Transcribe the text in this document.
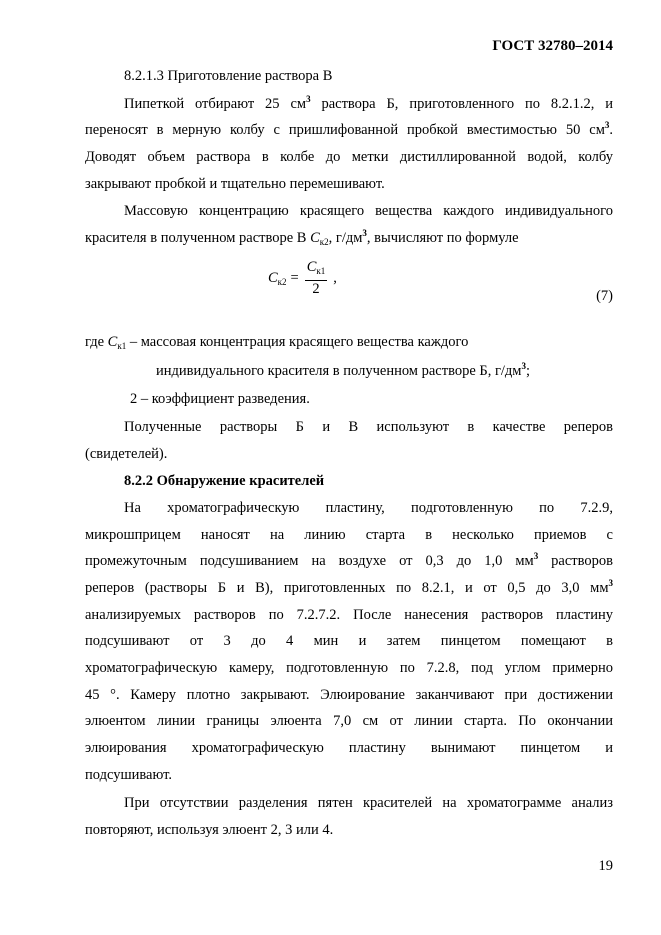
ГОСТ 32780–2014
8.2.1.3 Приготовление раствора В
Пипеткой отбирают 25 $см^3$ раствора Б, приготовленного по 8.2.1.2, и
переносят в мерную колбу с пришлифованной пробкой вместимостью 50 $см^3$.
Доводят объем раствора в колбе до метки дистиллированной водой, колбу
закрывают пробкой и тщательно перемешивают.
Массовую концентрацию красящего вещества каждого индивидуального
красителя в полученном растворе В $C_{к2}$, $г/дм^3$, вычисляют по формуле
$C_{к2} = \frac{C_{к1}}{2}$ ,
(7)
где $C_{к1}$ – массовая концентрация красящего вещества каждого
индивидуального красителя в полученном растворе Б, $г/дм^3$;
2 – коэффициент разведения.
Полученные растворы Б и В используют в качестве реперов
(свидетелей).
8.2.2 Обнаружение красителей
На хроматографическую пластину, подготовленную по 7.2.9,
микрошприцем наносят на линию старта в несколько приемов с
промежуточным подсушиванием на воздухе от 0,3 до 1,0 $мм^3$ растворов
реперов (растворы Б и В), приготовленных по 8.2.1, и от 0,5 до 3,0 $мм^3$
анализируемых растворов по 7.2.7.2. После нанесения растворов пластину
подсушивают от 3 до 4 мин и затем пинцетом помещают в
хроматографическую камеру, подготовленную по 7.2.8, под углом примерно
45 °. Камеру плотно закрывают. Элюирование заканчивают при достижении
элюентом линии границы элюента 7,0 см от линии старта. По окончании
элюирования хроматографическую пластину вынимают пинцетом и
подсушивают.
При отсутствии разделения пятен красителей на хроматограмме анализ
повторяют, используя элюент 2, 3 или 4.
19
